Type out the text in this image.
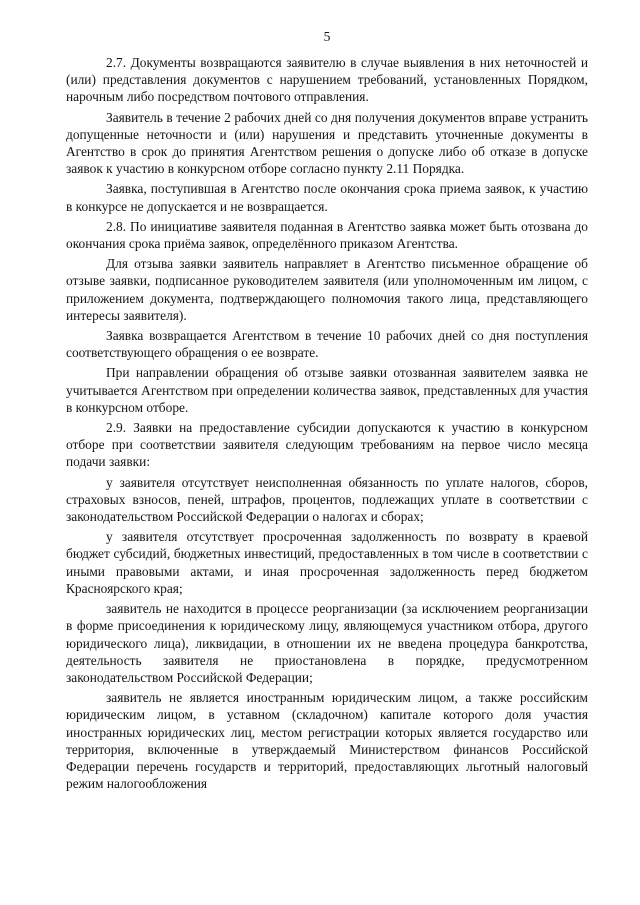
5

2.7. Документы возвращаются заявителю в случае выявления в них неточностей и (или) представления документов с нарушением требований, установленных Порядком, нарочным либо посредством почтового отправления.

Заявитель в течение 2 рабочих дней со дня получения документов вправе устранить допущенные неточности и (или) нарушения и представить уточненные документы в Агентство в срок до принятия Агентством решения о допуске либо об отказе в допуске заявок к участию в конкурсном отборе согласно пункту 2.11 Порядка.

Заявка, поступившая в Агентство после окончания срока приема заявок, к участию в конкурсе не допускается и не возвращается.

2.8. По инициативе заявителя поданная в Агентство заявка может быть отозвана до окончания срока приёма заявок, определённого приказом Агентства.

Для отзыва заявки заявитель направляет в Агентство письменное обращение об отзыве заявки, подписанное руководителем заявителя (или уполномоченным им лицом, с приложением документа, подтверждающего полномочия такого лица, представляющего интересы заявителя).

Заявка возвращается Агентством в течение 10 рабочих дней со дня поступления соответствующего обращения о ее возврате.

При направлении обращения об отзыве заявки отозванная заявителем заявка не учитывается Агентством при определении количества заявок, представленных для участия в конкурсном отборе.

2.9. Заявки на предоставление субсидии допускаются к участию в конкурсном отборе при соответствии заявителя следующим требованиям на первое число месяца подачи заявки:

у заявителя отсутствует неисполненная обязанность по уплате налогов, сборов, страховых взносов, пеней, штрафов, процентов, подлежащих уплате в соответствии с законодательством Российской Федерации о налогах и сборах;

у заявителя отсутствует просроченная задолженность по возврату в краевой бюджет субсидий, бюджетных инвестиций, предоставленных в том числе в соответствии с иными правовыми актами, и иная просроченная задолженность перед бюджетом Красноярского края;

заявитель не находится в процессе реорганизации (за исключением реорганизации в форме присоединения к юридическому лицу, являющемуся участником отбора, другого юридического лица), ликвидации, в отношении их не введена процедура банкротства, деятельность заявителя не приостановлена в порядке, предусмотренном законодательством Российской Федерации;

заявитель не является иностранным юридическим лицом, а также российским юридическим лицом, в уставном (складочном) капитале которого доля участия иностранных юридических лиц, местом регистрации которых является государство или территория, включенные в утверждаемый Министерством финансов Российской Федерации перечень государств и территорий, предоставляющих льготный налоговый режим налогообложения
